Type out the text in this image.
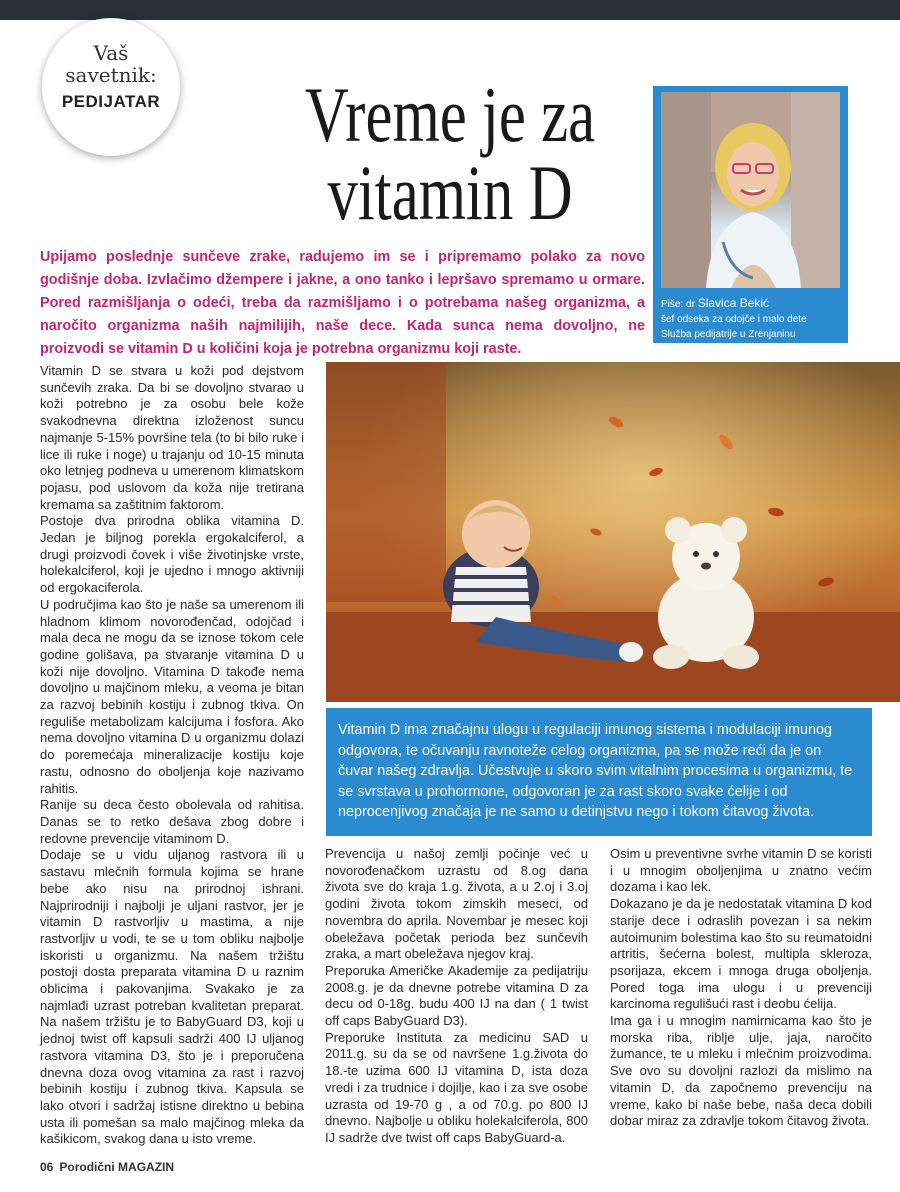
Vaš
savetnik:
PEDIJATAR Vreme je za
vitamin D
Piše: dr Slavica Bekić
šef odseka za odojče i malo dete
Služba pedijatrije u Zrenjaninu
Upijamo poslednje sunčeve zrake, radujemo im se i pripremamo polako za novo godišnje doba. Izvlačimo džempere i jakne, a ono tanko i lepršavo spremamo u ormare. Pored razmišljanja o odeći, treba da razmišljamo i o potrebama našeg organizma, a naročito organizma naših najmilijih, naše dece. Kada sunca nema dovoljno, ne proizvodi se vitamin D u količini koja je potrebna organizmu koji raste.

Vitamin D se stvara u koži pod dejstvom sunčevih zraka. Da bi se dovoljno stvarao u koži potrebno je za osobu bele kože svakodnevna direktna izloženost suncu najmanje 5-15% površine tela (to bi bilo ruke i lice ili ruke i noge) u trajanju od 10-15 minuta oko letnjeg podneva u umerenom klimatskom pojasu, pod uslovom da koža nije tretirana kremama sa zaštitnim faktorom.

Postoje dva prirodna oblika vitamina D. Jedan je biljnog porekla ergokalciferol, a drugi proizvodi čovek i više životinjske vrste, holekalciferol, koji je ujedno i mnogo aktivniji od ergokaciferola.

U područjima kao što je naše sa umerenom ili hladnom klimom novorođenčad, odojčad i mala deca ne mogu da se iznose tokom cele godine golišava, pa stvaranje vitamina D u koži nije dovoljno. Vitamina D takođe nema dovoljno u majčinom mleku, a veoma je bitan za razvoj bebinih kostiju i zubnog tkiva. On reguliše metabolizam kalcijuma i fosfora. Ako nema dovoljno vitamina D u organizmu dolazi do poremećaja mineralizacije kostiju koje rastu, odnosno do oboljenja koje nazivamo rahitis.

Ranije su deca često obolevala od rahitisa. Danas se to retko dešava zbog dobre i redovne prevencije vitaminom D.

Dodaje se u vidu uljanog rastvora ili u sastavu mlečnih formula kojima se hrane bebe ako nisu na prirodnoj ishrani. Najprirodniji i najbolji je uljani rastvor, jer je vitamin D rastvorljiv u mastima, a nije rastvorljiv u vodi, te se u tom obliku najbolje iskoristi u organizmu. Na našem tržištu postoji dosta preparata vitamina D u raznim oblicima i pakovanjima. Svakako je za najmlađi uzrast potreban kvalitetan preparat. Na našem tržištu je to BabyGuard D3, koji u jednoj twist off kapsuli sadrži 400 IJ uljanog rastvora vitamina D3, što je i preporučena dnevna doza ovog vitamina za rast i razvoj bebinih kostiju i zubnog tkiva. Kapsula se lako otvori i sadržaj istisne direktno u bebina usta ili pomešan sa malo majčinog mleka da kašikicom, svakog dana u isto vreme.

Vitamin D ima značajnu ulogu u regulaciji imunog sistema i modulaciji imunog odgovora, te očuvanju ravnoteže celog organizma, pa se može reći da je on čuvar našeg zdravlja. Učestvuje u skoro svim vitalnim procesima u organizmu, te se svrstava u prohormone, odgovoran je za rast skoro svake ćelije i od neprocenjivog značaja je ne samo u detinjstvu nego i tokom čitavog života.

Prevencija u našoj zemlji počinje već u novorođenačkom uzrastu od 8.og dana života sve do kraja 1.g. života, a u 2.oj i 3.oj godini života tokom zimskih meseci, od novembra do aprila. Novembar je mesec koji obeležava početak perioda bez sunčevih zraka, a mart obeležava njegov kraj.

Preporuka Američke Akademije za pedijatriju 2008.g. je da dnevne potrebe vitamina D za decu od 0-18g. budu 400 IJ na dan ( 1 twist off caps BabyGuard D3).

Preporuke Instituta za medicinu SAD u 2011.g. su da se od navršene 1.g.života do 18.-te uzima 600 IJ vitamina D, ista doza vredi i za trudnice i dojilje, kao i za sve osobe uzrasta od 19-70 g , a od 70.g. po 800 IJ dnevno. Najbolje u obliku holekalciferola, 800 IJ sadrže dve twist off caps BabyGuard-a.

Osim u preventivne svrhe vitamin D se koristi i u mnogim oboljenjima u znatno većim dozama i kao lek.

Dokazano je da je nedostatak vitamina D kod starije dece i odraslih povezan i sa nekim autoimunim bolestima kao što su reumatoidni artritis, šećerna bolest, multipla skleroza, psorijaza, ekcem i mnoga druga oboljenja. Pored toga ima ulogu i u prevenciji karcinoma regulišući rast i deobu ćelija.

Ima ga i u mnogim namirnicama kao što je morska riba, riblje ulje, jaja, naročito žumance, te u mleku i mlečnim proizvodima. Sve ovo su dovoljni razlozi da mislimo na vitamin D, da započnemo prevenciju na vreme, kako bi naše bebe, naša deca dobili dobar miraz za zdravlje tokom čitavog života.

06 Porodični MAGAZIN
